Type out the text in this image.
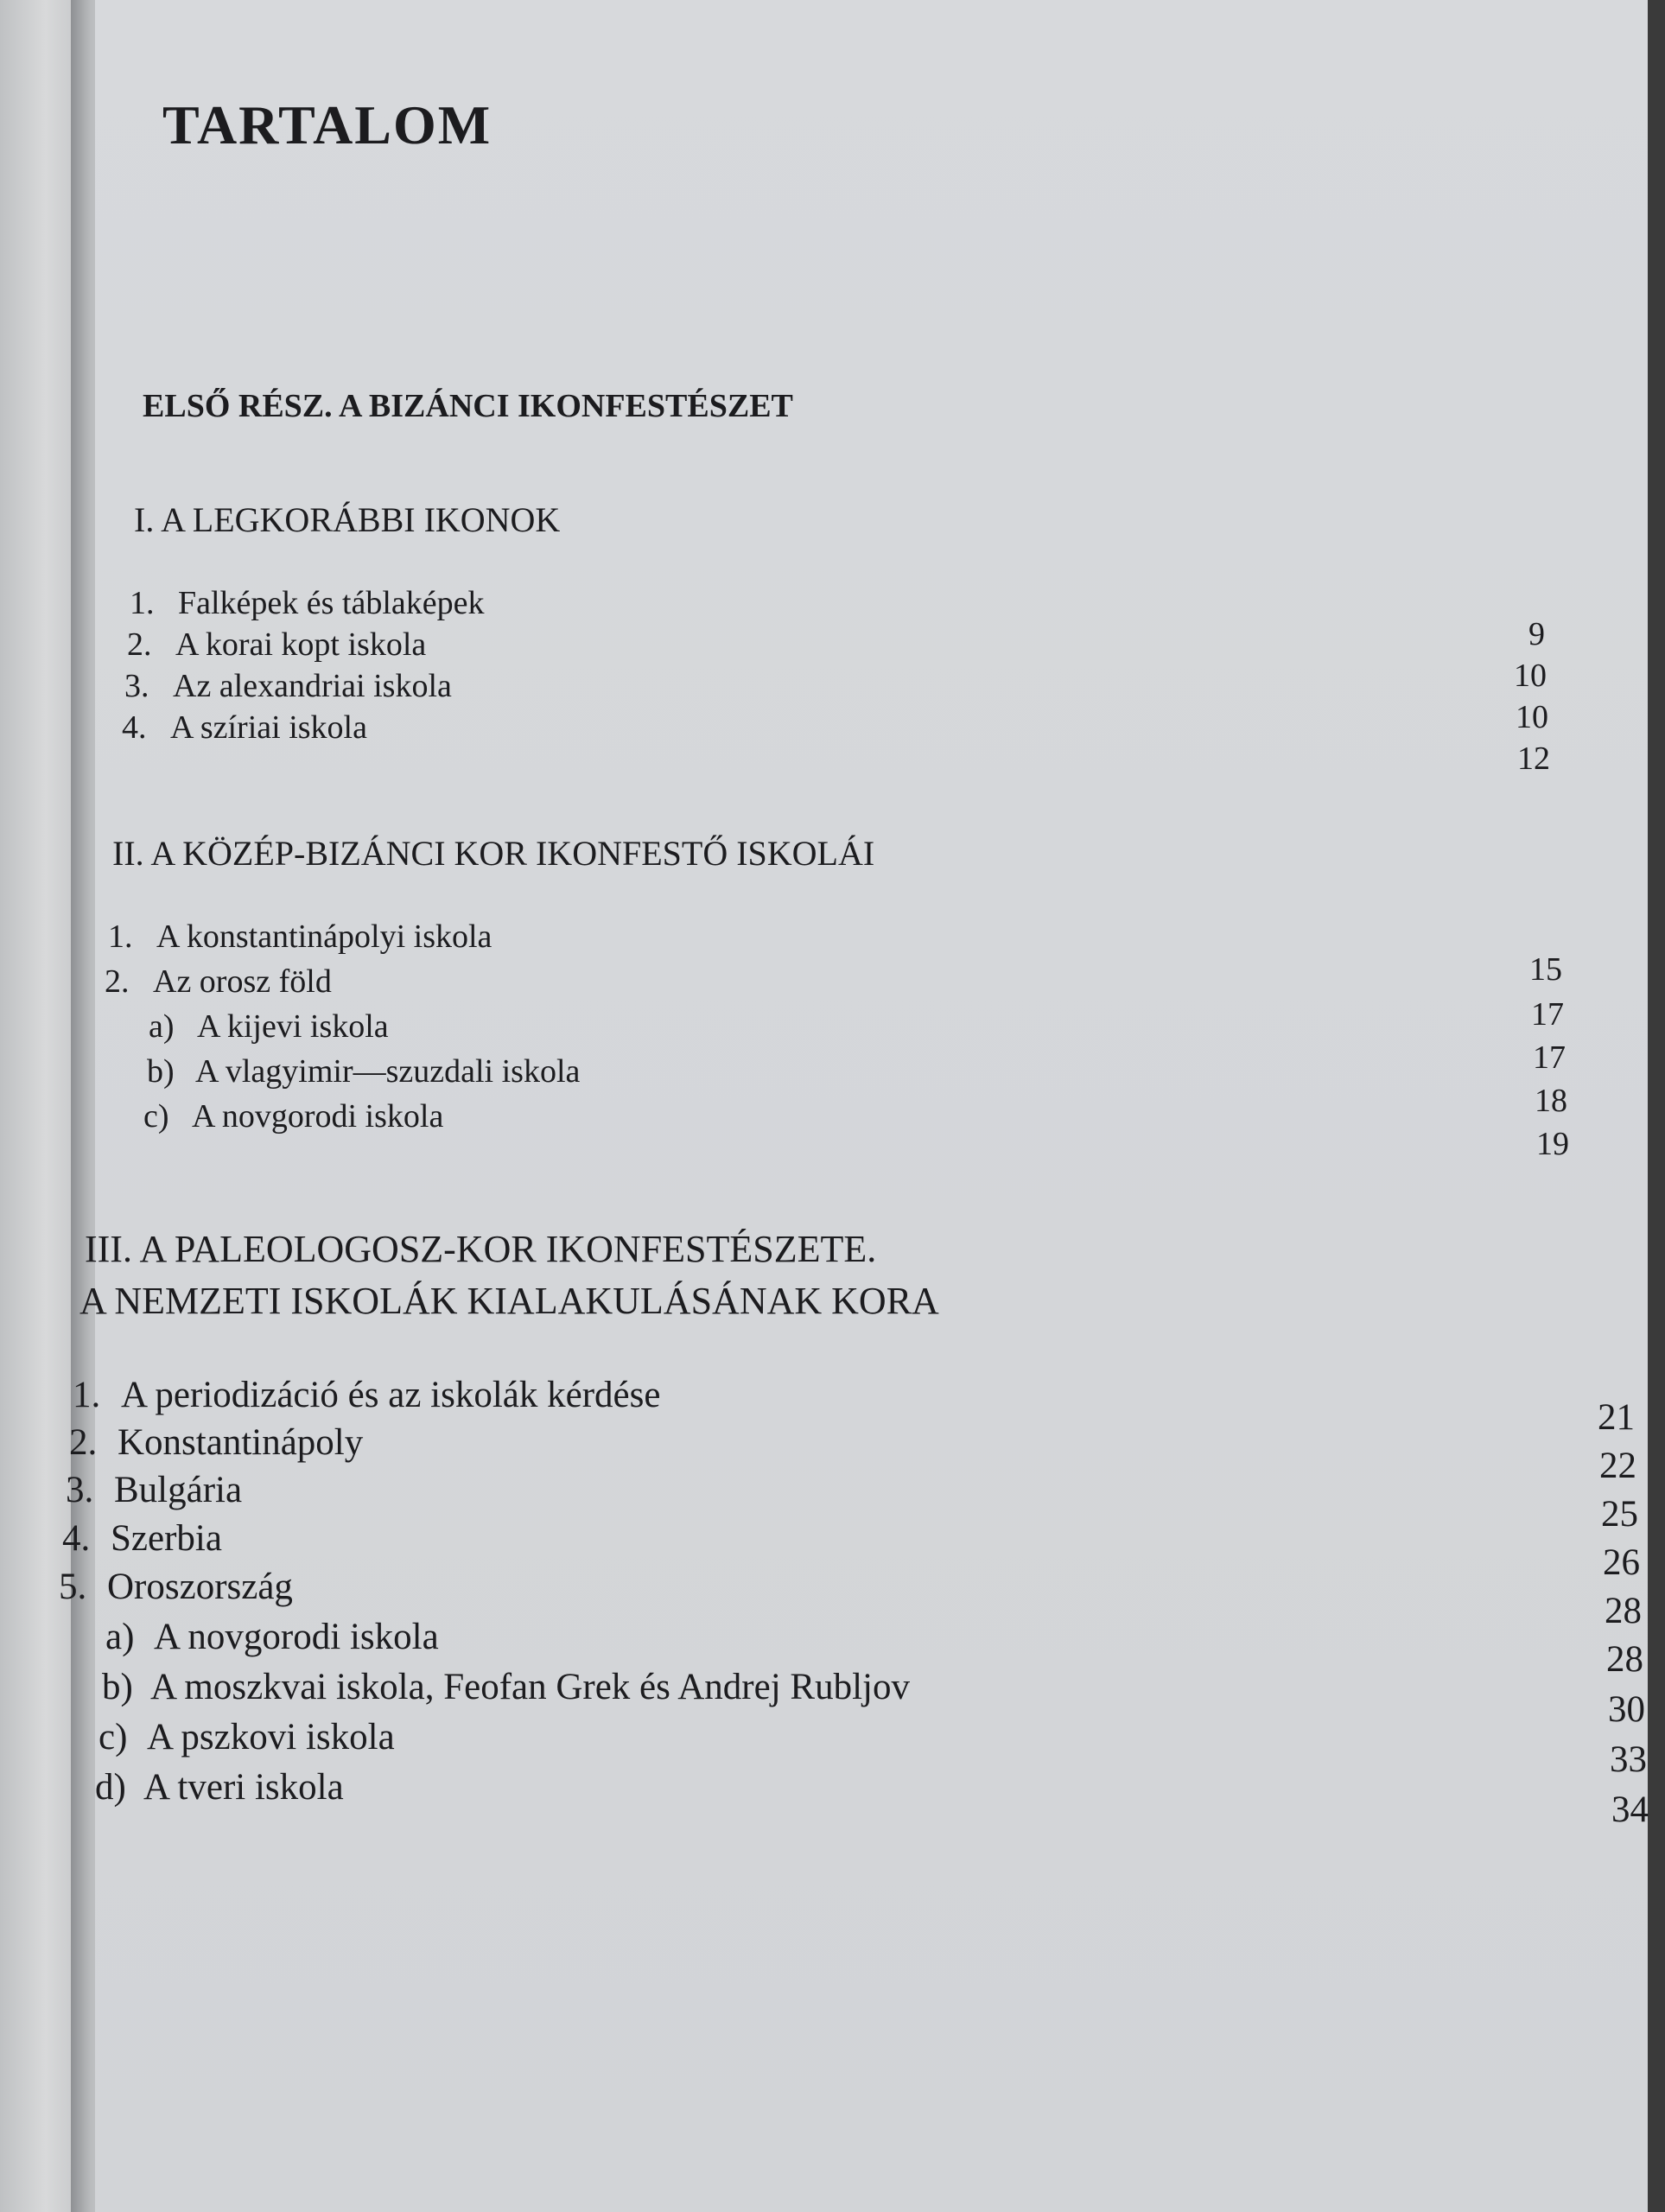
TARTALOM
ELSŐ RÉSZ. A BIZÁNCI IKONFESTÉSZET
I. A LEGKORÁBBI IKONOK
1. Falképek és táblaképek
2. A korai kopt iskola
3. Az alexandriai iskola
4. A szíriai iskola
9
10
10
12
II. A KÖZÉP-BIZÁNCI KOR IKONFESTŐ ISKOLÁI
1. A konstantinápolyi iskola
2. Az orosz föld
a) A kijevi iskola
b) A vlagyimir—szuzdali iskola
c) A novgorodi iskola
15
17
17
18
19
III. A PALEOLOGOSZ-KOR IKONFESTÉSZETE.
A NEMZETI ISKOLÁK KIALAKULÁSÁNAK KORA
1. A periodizáció és az iskolák kérdése
2. Konstantinápoly
3. Bulgária
4. Szerbia
5. Oroszország
a) A novgorodi iskola
b) A moszkvai iskola, Feofan Grek és Andrej Rubljov
c) A pszkovi iskola
d) A tveri iskola
21
22
25
26
28
28
30
33
34
